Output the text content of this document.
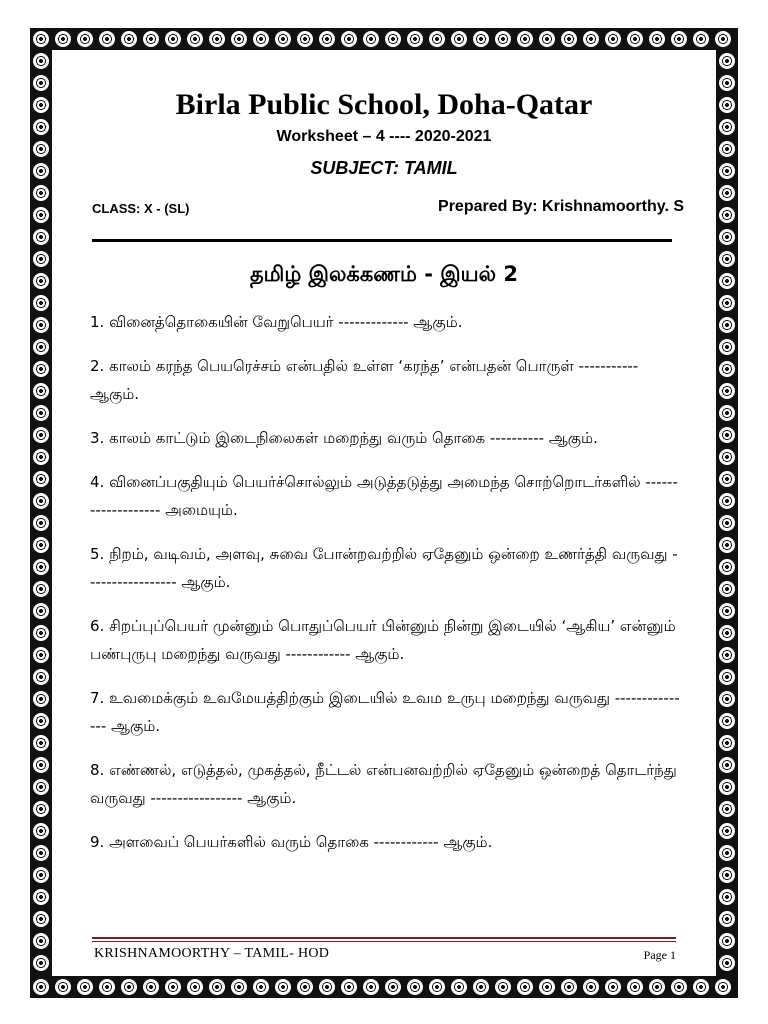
Birla Public School, Doha-Qatar
Worksheet – 4 ---- 2020-2021
SUBJECT: TAMIL
CLASS: X - (SL)	Prepared By: Krishnamoorthy. S
தமிழ் இலக்கணம் - இயல் 2
1. வினைத்தொகையின் வேறுபெயர் ------------- ஆகும்.
2. காலம் கரந்த பெயரெச்சம் என்பதில் உள்ள ‘கரந்த’ என்பதன் பொருள் ----------- ஆகும்.
3. காலம் காட்டும் இடைநிலைகள் மறைந்து வரும் தொகை ---------- ஆகும்.
4. வினைப்பகுதியும் பெயர்ச்சொல்லும் அடுத்தடுத்து அமைந்த சொற்றொடர்களில் ------------------- அமையும்.
5. நிறம், வடிவம், அளவு, சுவை போன்றவற்றில் ஏதேனும் ஒன்றை உணர்த்தி வருவது ----------------- ஆகும்.
6. சிறப்புப்பெயர் முன்னும் பொதுப்பெயர் பின்னும் நின்று இடையில் ‘ஆகிய’ என்னும் பண்புருபு மறைந்து வருவது ------------ ஆகும்.
7. உவமைக்கும் உவமேயத்திற்கும் இடையில் உவம உருபு மறைந்து வருவது --------------- ஆகும்.
8. எண்ணல், எடுத்தல், முகத்தல், நீட்டல் என்பனவற்றில் ஏதேனும் ஒன்றைத் தொடர்ந்து வருவது ----------------- ஆகும்.
9. அளவைப் பெயர்களில் வரும் தொகை ------------ ஆகும்.
KRISHNAMOORTHY – TAMIL- HOD	Page 1
